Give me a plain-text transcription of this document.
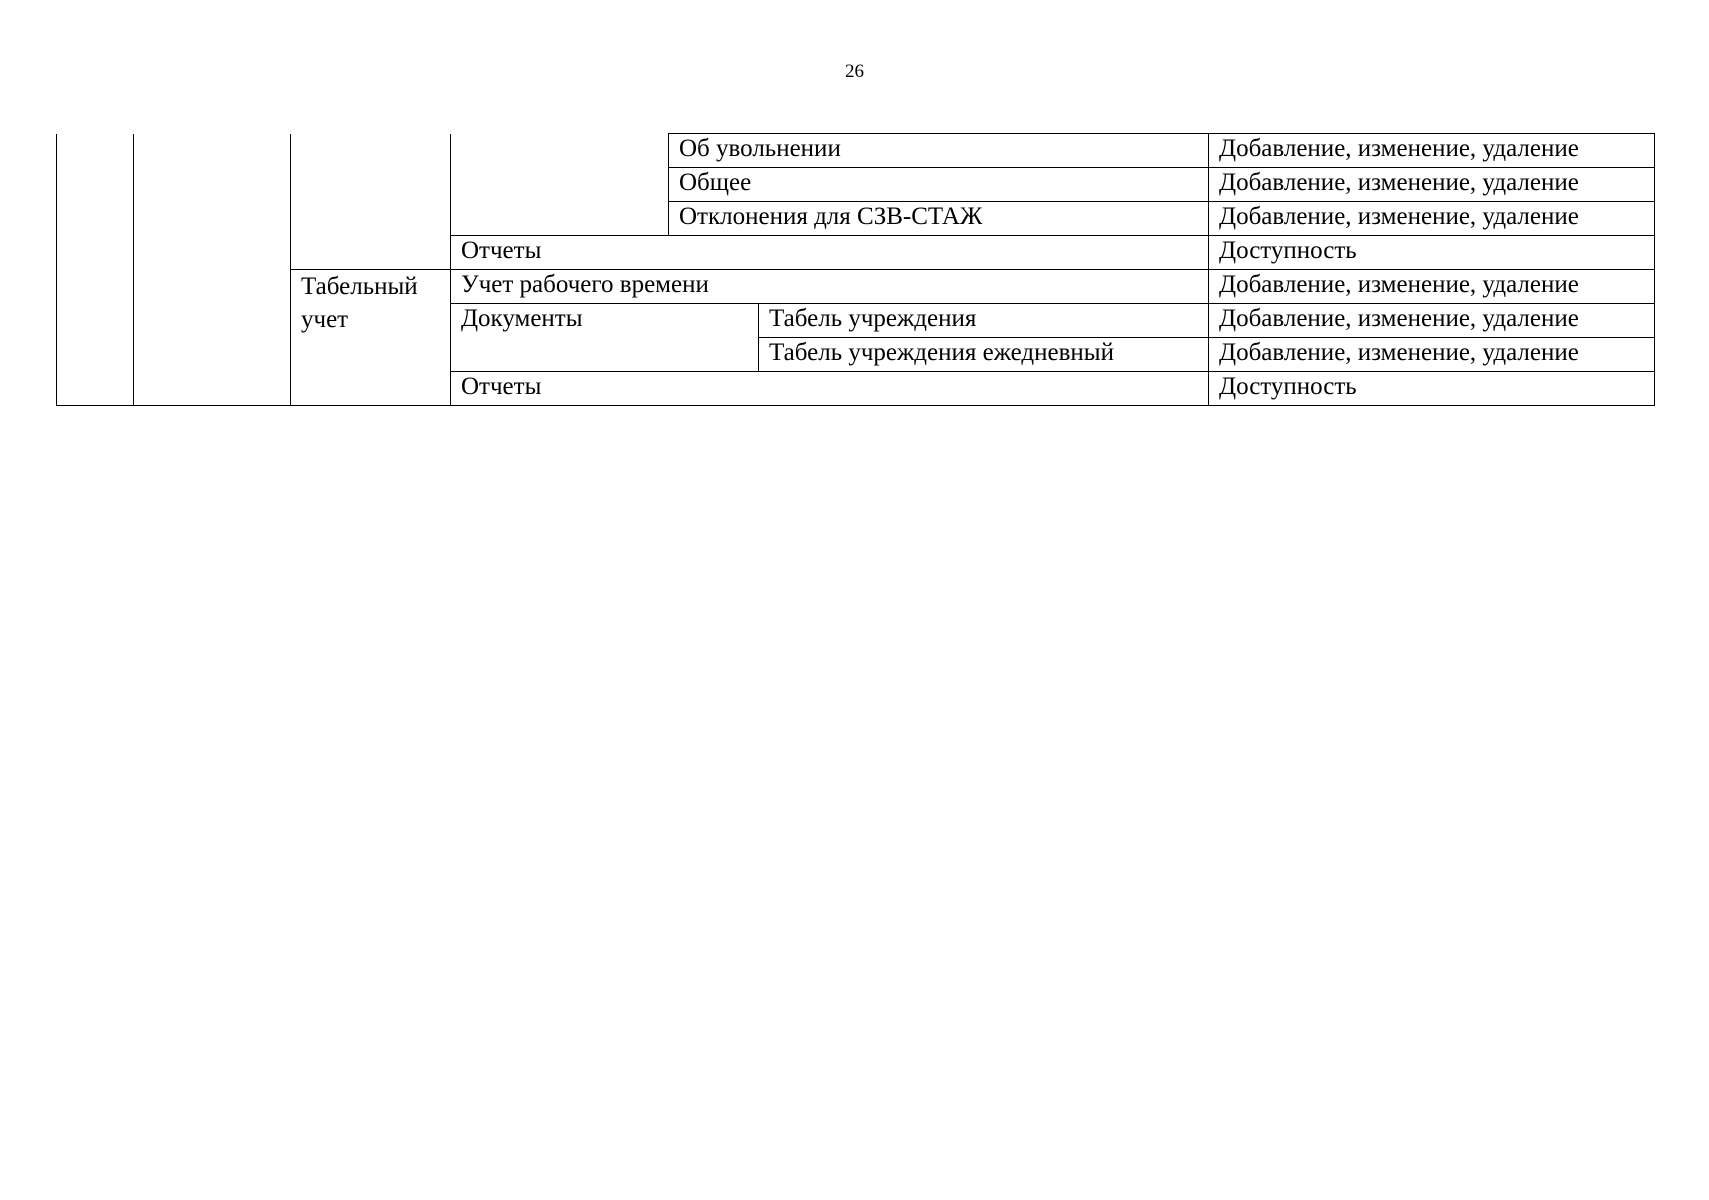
26
				Об увольнении		Добавление, изменение, удаление
				Общее		Добавление, изменение, удаление
				Отклонения для СЗВ-СТАЖ		Добавление, изменение, удаление
			Отчеты			Доступность
		Табельный учет	Учет рабочего времени			Добавление, изменение, удаление
			Документы		Табель учреждения	Добавление, изменение, удаление
					Табель учреждения ежедневный	Добавление, изменение, удаление
			Отчеты			Доступность
